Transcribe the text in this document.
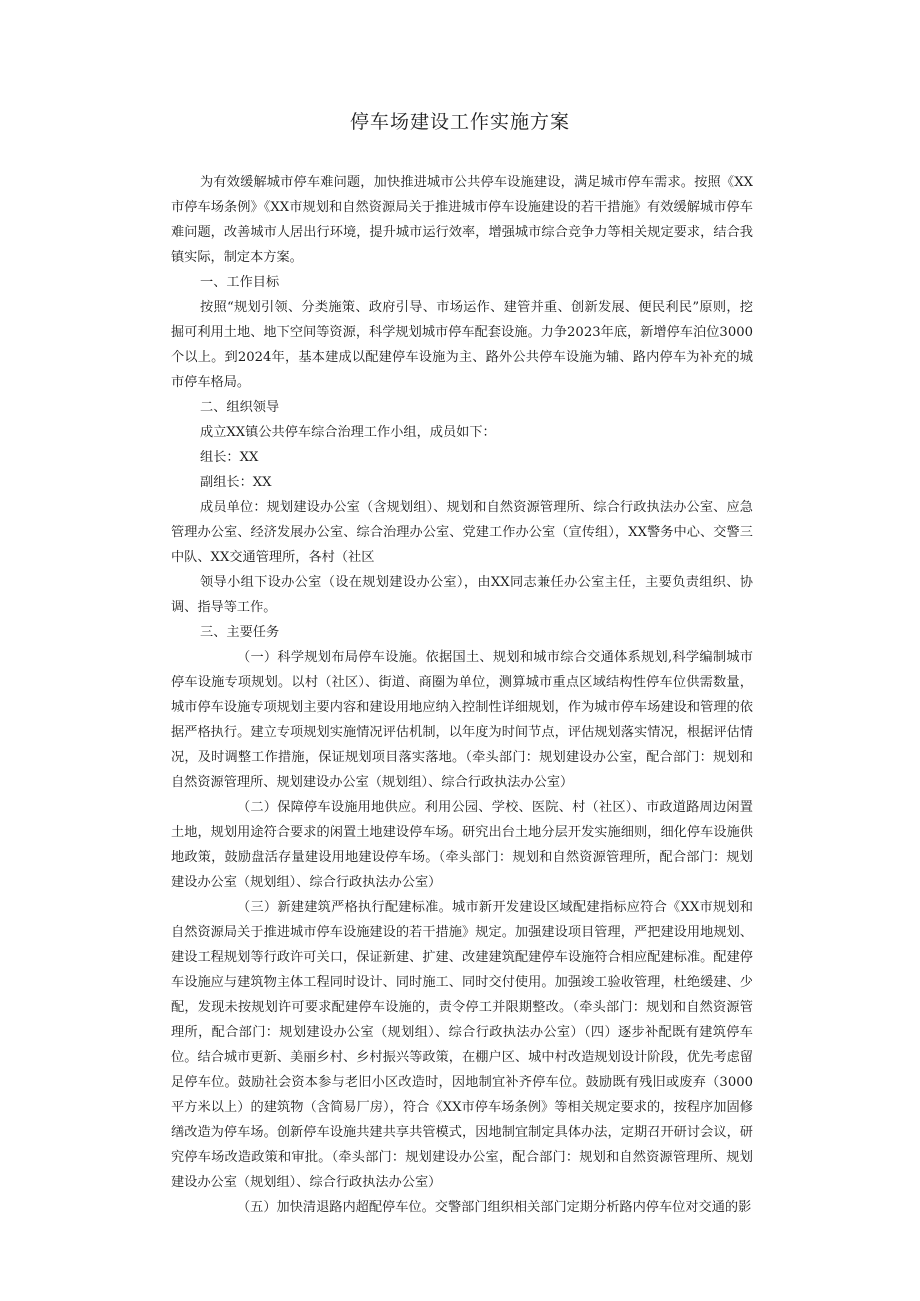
停车场建设工作实施方案

为有效缓解城市停车难问题，加快推进城市公共停车设施建设，满足城市停车需求。按照《XX市停车场条例》《XX市规划和自然资源局关于推进城市停车设施建设的若干措施》有效缓解城市停车难问题，改善城市人居出行环境，提升城市运行效率，增强城市综合竞争力等相关规定要求，结合我镇实际，制定本方案。

一、工作目标

按照“规划引领、分类施策、政府引导、市场运作、建管并重、创新发展、便民利民”原则，挖掘可利用土地、地下空间等资源，科学规划城市停车配套设施。力争2023年底，新增停车泊位3000个以上。到2024年，基本建成以配建停车设施为主、路外公共停车设施为辅、路内停车为补充的城市停车格局。

二、组织领导

成立XX镇公共停车综合治理工作小组，成员如下：

组长：XX

副组长：XX

成员单位：规划建设办公室（含规划组）、规划和自然资源管理所、综合行政执法办公室、应急管理办公室、经济发展办公室、综合治理办公室、党建工作办公室（宣传组），XX警务中心、交警三中队、XX交通管理所，各村（社区

领导小组下设办公室（设在规划建设办公室），由XX同志兼任办公室主任，主要负责组织、协调、指导等工作。

三、主要任务

（一）科学规划布局停车设施。依据国土、规划和城市综合交通体系规划,科学编制城市停车设施专项规划。以村（社区）、街道、商圈为单位，测算城市重点区域结构性停车位供需数量，城市停车设施专项规划主要内容和建设用地应纳入控制性详细规划，作为城市停车场建设和管理的依据严格执行。建立专项规划实施情况评估机制，以年度为时间节点，评估规划落实情况，根据评估情况，及时调整工作措施，保证规划项目落实落地。（牵头部门：规划建设办公室，配合部门：规划和自然资源管理所、规划建设办公室（规划组）、综合行政执法办公室）

（二）保障停车设施用地供应。利用公园、学校、医院、村（社区）、市政道路周边闲置土地，规划用途符合要求的闲置土地建设停车场。研究出台土地分层开发实施细则，细化停车设施供地政策，鼓励盘活存量建设用地建设停车场。（牵头部门：规划和自然资源管理所，配合部门：规划建设办公室（规划组）、综合行政执法办公室）

（三）新建建筑严格执行配建标准。城市新开发建设区域配建指标应符合《XX市规划和自然资源局关于推进城市停车设施建设的若干措施》规定。加强建设项目管理，严把建设用地规划、建设工程规划等行政许可关口，保证新建、扩建、改建建筑配建停车设施符合相应配建标准。配建停车设施应与建筑物主体工程同时设计、同时施工、同时交付使用。加强竣工验收管理，杜绝缓建、少配，发现未按规划许可要求配建停车设施的，责令停工并限期整改。（牵头部门：规划和自然资源管理所，配合部门：规划建设办公室（规划组）、综合行政执法办公室）（四）逐步补配既有建筑停车位。结合城市更新、美丽乡村、乡村振兴等政策，在棚户区、城中村改造规划设计阶段，优先考虑留足停车位。鼓励社会资本参与老旧小区改造时，因地制宜补齐停车位。鼓励既有残旧或废弃（3000平方米以上）的建筑物（含简易厂房），符合《XX市停车场条例》等相关规定要求的，按程序加固修缮改造为停车场。创新停车设施共建共享共管模式，因地制宜制定具体办法，定期召开研讨会议，研究停车场改造政策和审批。（牵头部门：规划建设办公室，配合部门：规划和自然资源管理所、规划建设办公室（规划组）、综合行政执法办公室）

（五）加快清退路内超配停车位。交警部门组织相关部门定期分析路内停车位对交通的影
